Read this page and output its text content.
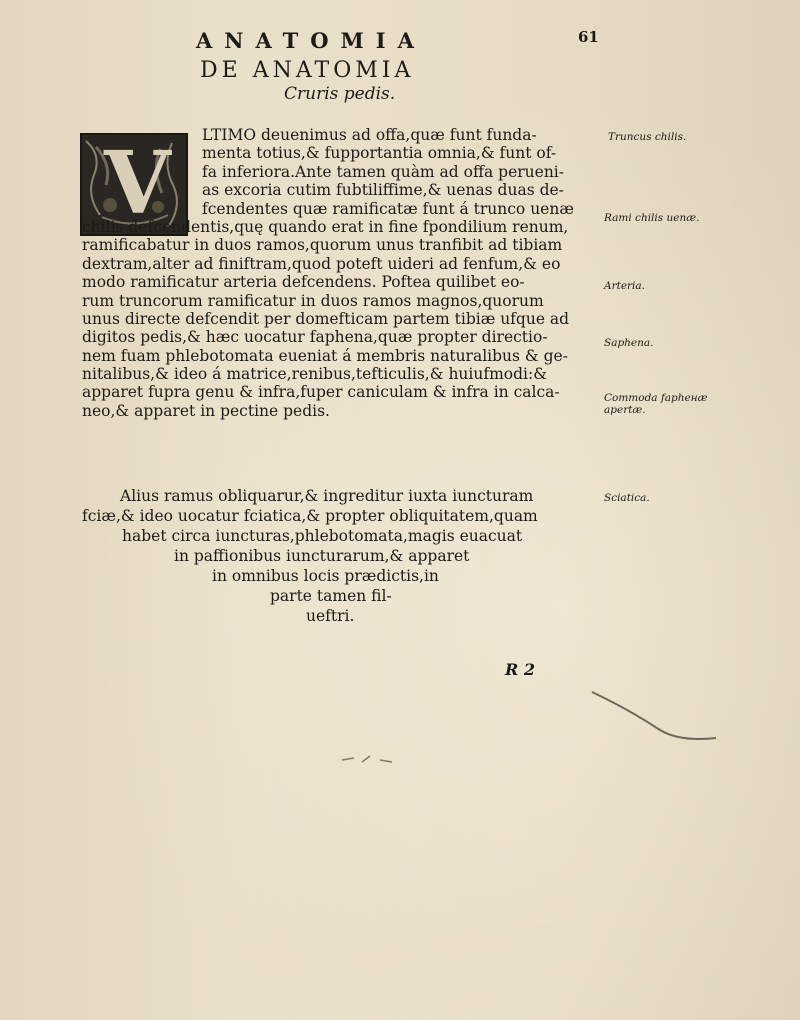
ANATOMIA	61
DE ANATOMIA
Cruris pedis.
V	LTIMO deuenimus ad offa,quæ funt funda-
menta totius,& fupportantia omnia,& funt of-
fa inferiora.Ante tamen quàm ad offa perueni-
as excoria cutim fubtiliffime,& uenas duas de-
fcendentes quæ ramificatæ funt á trunco uenæ
chilis defcendentis,quę quando erat in fine fpondilium renum,
ramificabatur in duos ramos,quorum unus tranfibit ad tibiam
dextram,alter ad finiftram,quod poteft uideri ad fenfum,& eo
modo ramificatur arteria defcendens. Poftea quilibet eo-
rum truncorum ramificatur in duos ramos magnos,quorum
unus directe defcendit per domefticam partem tibiæ ufque ad
digitos pedis,& hæc uocatur faphena,quæ propter directio-
nem fuam phlebotomata eueniat á membris naturalibus & ge-
nitalibus,& ideo á matrice,renibus,tefticulis,& huiufmodi:&
apparet fupra genu & infra,fuper caniculam & infra in calca-
neo,& apparet in pectine pedis.
Alius ramus obliquarur,& ingreditur iuxta iuncturam
fciæ,& ideo uocatur fciatica,& propter obliquitatem,quam
habet circa iuncturas,phlebotomata,magis euacuat
in paffionibus iuncturarum,& apparet
in omnibus locis prædictis,in
parte tamen fil-
ueftri.
Truncus chilis.
Rami chilis uenæ.
Arteria.
Saphena.
Commoda fapheнæ apertæ.
Sciatica.
R 2
